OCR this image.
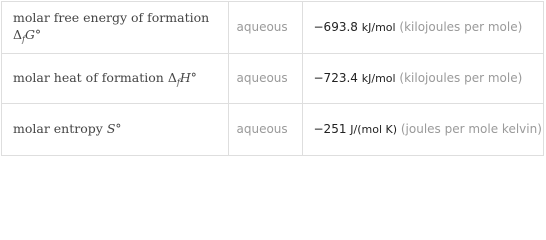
molar free energy of formation
$\Delta_fG^\circ$	aqueous	−693.8 kJ/mol (kilojoules per mole)
molar heat of formation $\Delta_fH^\circ$	aqueous	−723.4 kJ/mol (kilojoules per mole)
molar entropy S°	aqueous	−251 J/(mol K) (joules per mole kelvin)
